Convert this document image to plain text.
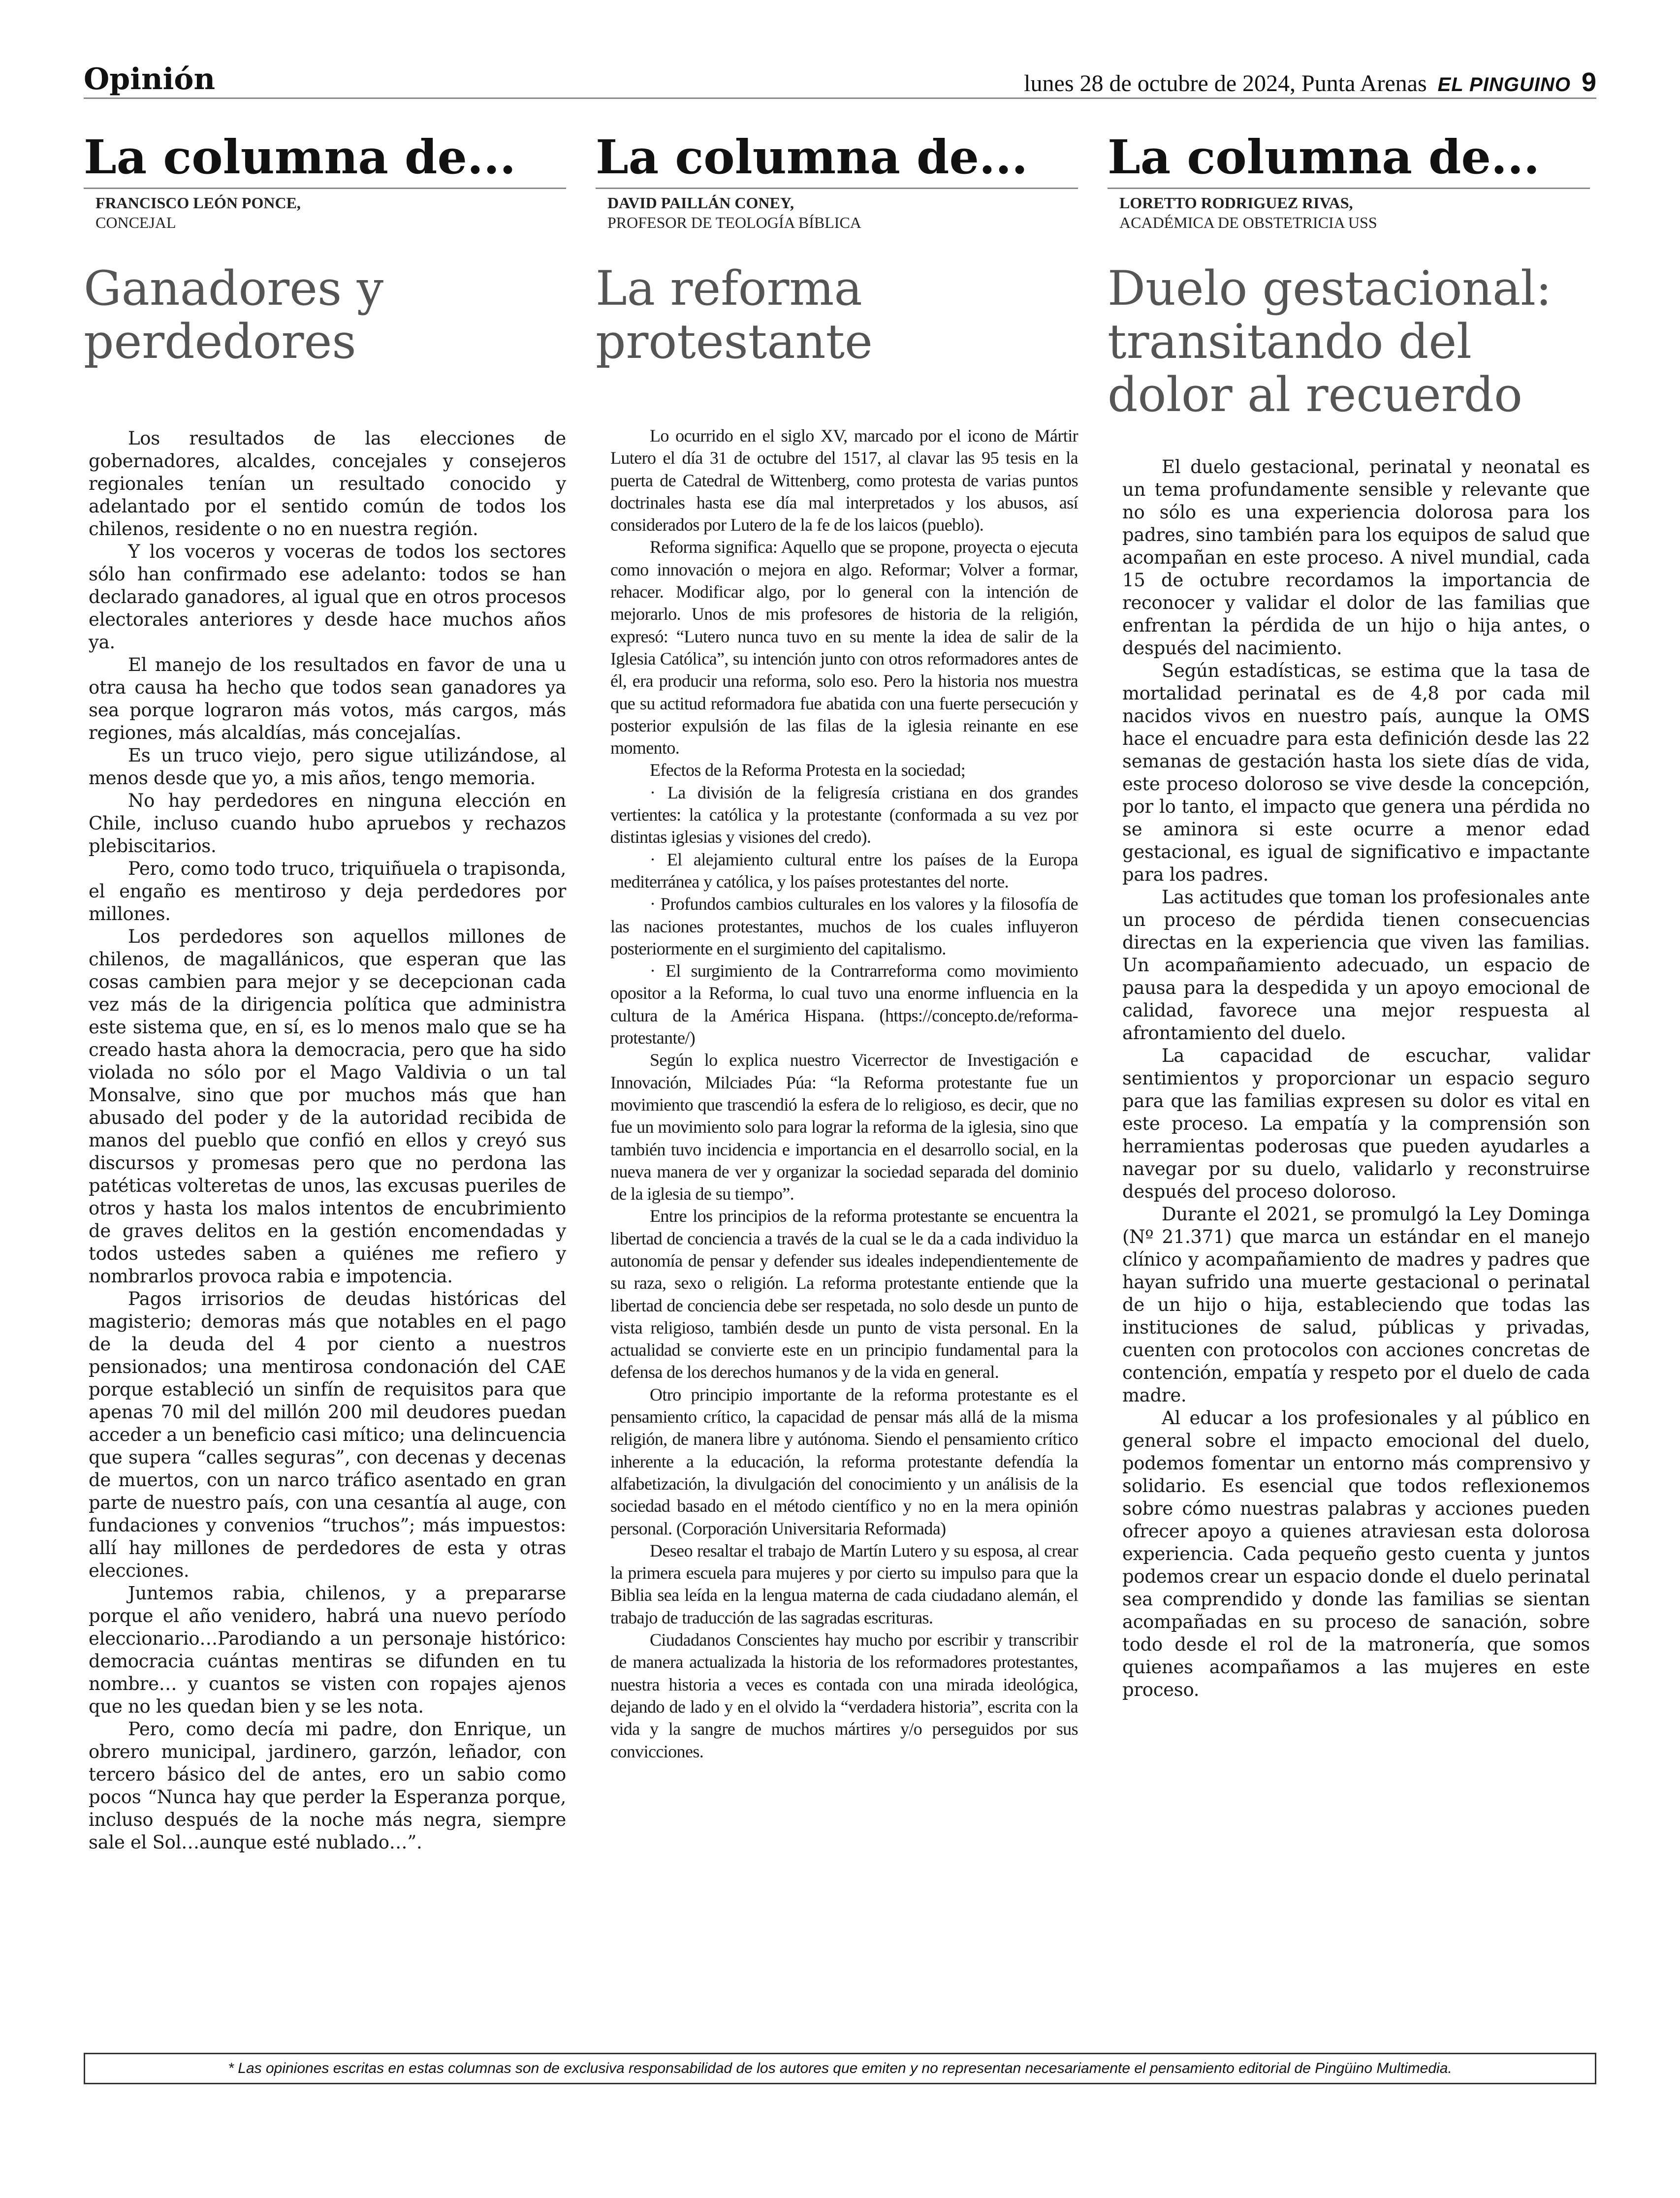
Opinión	lunes 28 de octubre de 2024, Punta Arenas EL PINGUINO 9
La columna de...
FRANCISCO LEÓN PONCE,
CONCEJAL
Ganadores y perdedores

Los resultados de las elecciones de gobernadores, alcaldes, concejales y consejeros regionales tenían un resultado conocido y adelantado por el sentido común de todos los chilenos, residente o no en nuestra región.

Y los voceros y voceras de todos los sectores sólo han confirmado ese adelanto: todos se han declarado ganadores, al igual que en otros procesos electorales anteriores y desde hace muchos años ya.

El manejo de los resultados en favor de una u otra causa ha hecho que todos sean ganadores ya sea porque lograron más votos, más cargos, más regiones, más alcaldías, más concejalías.

Es un truco viejo, pero sigue utilizándose, al menos desde que yo, a mis años, tengo memoria.

No hay perdedores en ninguna elección en Chile, incluso cuando hubo apruebos y rechazos plebiscitarios.

Pero, como todo truco, triquiñuela o trapisonda, el engaño es mentiroso y deja perdedores por millones.

Los perdedores son aquellos millones de chilenos, de magallánicos, que esperan que las cosas cambien para mejor y se decepcionan cada vez más de la dirigencia política que administra este sistema que, en sí, es lo menos malo que se ha creado hasta ahora la democracia, pero que ha sido violada no sólo por el Mago Valdivia o un tal Monsalve, sino que por muchos más que han abusado del poder y de la autoridad recibida de manos del pueblo que confió en ellos y creyó sus discursos y promesas pero que no perdona las patéticas volteretas de unos, las excusas pueriles de otros y hasta los malos intentos de encubrimiento de graves delitos en la gestión encomendadas y todos ustedes saben a quiénes me refiero y nombrarlos provoca rabia e impotencia.

Pagos irrisorios de deudas históricas del magisterio; demoras más que notables en el pago de la deuda del 4 por ciento a nuestros pensionados; una mentirosa condonación del CAE porque estableció un sinfín de requisitos para que apenas 70 mil del millón 200 mil deudores puedan acceder a un beneficio casi mítico; una delincuencia que supera “calles seguras”, con decenas y decenas de muertos, con un narco tráfico asentado en gran parte de nuestro país, con una cesantía al auge, con fundaciones y convenios “truchos”; más impuestos: allí hay millones de perdedores de esta y otras elecciones.

Juntemos rabia, chilenos, y a prepararse porque el año venidero, habrá una nuevo período eleccionario…Parodiando a un personaje histórico: democracia cuántas mentiras se difunden en tu nombre… y cuantos se visten con ropajes ajenos que no les quedan bien y se les nota.

Pero, como decía mi padre, don Enrique, un obrero municipal, jardinero, garzón, leñador, con tercero básico del de antes, ero un sabio como pocos “Nunca hay que perder la Esperanza porque, incluso después de la noche más negra, siempre sale el Sol…aunque esté nublado…”.

La columna de...
DAVID PAILLÁN CONEY,
PROFESOR DE TEOLOGÍA BÍBLICA
La reforma protestante

Lo ocurrido en el siglo XV, marcado por el icono de Mártir Lutero el día 31 de octubre del 1517, al clavar las 95 tesis en la puerta de Catedral de Wittenberg, como protesta de varias puntos doctrinales hasta ese día mal interpretados y los abusos, así considerados por Lutero de la fe de los laicos (pueblo).

Reforma significa: Aquello que se propone, proyecta o ejecuta como innovación o mejora en algo. Reformar; Volver a formar, rehacer. Modificar algo, por lo general con la intención de mejorarlo. Unos de mis profesores de historia de la religión, expresó: “Lutero nunca tuvo en su mente la idea de salir de la Iglesia Católica”, su intención junto con otros reformadores antes de él, era producir una reforma, solo eso. Pero la historia nos muestra que su actitud reformadora fue abatida con una fuerte persecución y posterior expulsión de las filas de la iglesia reinante en ese momento.

Efectos de la Reforma Protesta en la sociedad;

· La división de la feligresía cristiana en dos grandes vertientes: la católica y la protestante (conformada a su vez por distintas iglesias y visiones del credo).

· El alejamiento cultural entre los países de la Europa mediterránea y católica, y los países protestantes del norte.

· Profundos cambios culturales en los valores y la filosofía de las naciones protestantes, muchos de los cuales influyeron posteriormente en el surgimiento del capitalismo.

· El surgimiento de la Contrarreforma como movimiento opositor a la Reforma, lo cual tuvo una enorme influencia en la cultura de la América Hispana. (https://concepto.de/reforma-protestante/)

Según lo explica nuestro Vicerrector de Investigación e Innovación, Milciades Púa: “la Reforma protestante fue un movimiento que trascendió la esfera de lo religioso, es decir, que no fue un movimiento solo para lograr la reforma de la iglesia, sino que también tuvo incidencia e importancia en el desarrollo social, en la nueva manera de ver y organizar la sociedad separada del dominio de la iglesia de su tiempo”.

Entre los principios de la reforma protestante se encuentra la libertad de conciencia a través de la cual se le da a cada individuo la autonomía de pensar y defender sus ideales independientemente de su raza, sexo o religión. La reforma protestante entiende que la libertad de conciencia debe ser respetada, no solo desde un punto de vista religioso, también desde un punto de vista personal. En la actualidad se convierte este en un principio fundamental para la defensa de los derechos humanos y de la vida en general.

Otro principio importante de la reforma protestante es el pensamiento crítico, la capacidad de pensar más allá de la misma religión, de manera libre y autónoma. Siendo el pensamiento crítico inherente a la educación, la reforma protestante defendía la alfabetización, la divulgación del conocimiento y un análisis de la sociedad basado en el método científico y no en la mera opinión personal. (Corporación Universitaria Reformada)

Deseo resaltar el trabajo de Martín Lutero y su esposa, al crear la primera escuela para mujeres y por cierto su impulso para que la Biblia sea leída en la lengua materna de cada ciudadano alemán, el trabajo de traducción de las sagradas escrituras.

Ciudadanos Conscientes hay mucho por escribir y transcribir de manera actualizada la historia de los reformadores protestantes, nuestra historia a veces es contada con una mirada ideológica, dejando de lado y en el olvido la “verdadera historia”, escrita con la vida y la sangre de muchos mártires y/o perseguidos por sus convicciones.

La columna de...
LORETTO RODRIGUEZ RIVAS,
ACADÉMICA DE OBSTETRICIA USS
Duelo gestacional: transitando del dolor al recuerdo

El duelo gestacional, perinatal y neonatal es un tema profundamente sensible y relevante que no sólo es una experiencia dolorosa para los padres, sino también para los equipos de salud que acompañan en este proceso. A nivel mundial, cada 15 de octubre recordamos la importancia de reconocer y validar el dolor de las familias que enfrentan la pérdida de un hijo o hija antes, o después del nacimiento.

Según estadísticas, se estima que la tasa de mortalidad perinatal es de 4,8 por cada mil nacidos vivos en nuestro país, aunque la OMS hace el encuadre para esta definición desde las 22 semanas de gestación hasta los siete días de vida, este proceso doloroso se vive desde la concepción, por lo tanto, el impacto que genera una pérdida no se aminora si este ocurre a menor edad gestacional, es igual de significativo e impactante para los padres.

Las actitudes que toman los profesionales ante un proceso de pérdida tienen consecuencias directas en la experiencia que viven las familias. Un acompañamiento adecuado, un espacio de pausa para la despedida y un apoyo emocional de calidad, favorece una mejor respuesta al afrontamiento del duelo.

La capacidad de escuchar, validar sentimientos y proporcionar un espacio seguro para que las familias expresen su dolor es vital en este proceso. La empatía y la comprensión son herramientas poderosas que pueden ayudarles a navegar por su duelo, validarlo y reconstruirse después del proceso doloroso.

Durante el 2021, se promulgó la Ley Dominga (Nº 21.371) que marca un estándar en el manejo clínico y acompañamiento de madres y padres que hayan sufrido una muerte gestacional o perinatal de un hijo o hija, estableciendo que todas las instituciones de salud, públicas y privadas, cuenten con protocolos con acciones concretas de contención, empatía y respeto por el duelo de cada madre.

Al educar a los profesionales y al público en general sobre el impacto emocional del duelo, podemos fomentar un entorno más comprensivo y solidario. Es esencial que todos reflexionemos sobre cómo nuestras palabras y acciones pueden ofrecer apoyo a quienes atraviesan esta dolorosa experiencia. Cada pequeño gesto cuenta y juntos podemos crear un espacio donde el duelo perinatal sea comprendido y donde las familias se sientan acompañadas en su proceso de sanación, sobre todo desde el rol de la matronería, que somos quienes acompañamos a las mujeres en este proceso.

* Las opiniones escritas en estas columnas son de exclusiva responsabilidad de los autores que emiten y no representan necesariamente el pensamiento editorial de Pingüino Multimedia.
